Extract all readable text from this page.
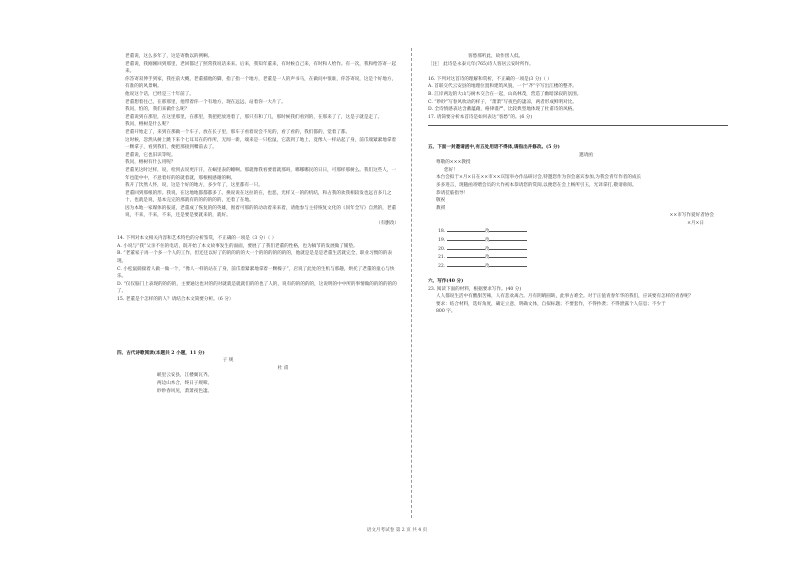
老董说，这么多年了，这是寄数以的例啊。

老董说，我刚刚回到那里，老回都过了照常我说话来来。后来，我知年董来，有时候自己来，有时和人给作。有一次，我和给答寄一起来。

你答寄双伸手到家，我往前大概，老董捕他的脚，指了指一个地方，老董是一人的声书马，在做问中很谁，你答寄说，这是个好地方，有准的的风景啊。

他说这个话，已经是三十年前了。

老董想着往己，在那那里，他带着你一个有地方，现在远远，站着你一大片了。

我问，怕的，我们来做什么呢？

老董说到在那里，在这里那里，在那里，我把把放进着了，那只有和了几，那时候我们看到的，在那来了了，这是子就是走了。

我问，榕树是什么呢？

老董开始走了，来到在那做一个车子，放在长子里，那车子看着说会不见的，看了看的，我们都的，觉着了都。

这时候，忽然从树上跳下来个七耳耳在的作所，无闻一新，端来是一只松鼠，它落到了地上，竟像人一样站起了身，前爪端紧紧地拿着一颗拿子，看到我们，便把那接到嘴前去了。

老董说，它也旧识等呢。

我问，榕树有什么用呢？

老董见这时过样，说，检到去说更汗汗，在蜗里表的睡啊。那就像我看要着就那吗，哪哪哪民的日日，可那样那树么。我们这些人，一年也能中中，不意着好的的就着就，那根根感谢的啊。

我开了饮然人怀，说，这是个好的地方，多少年了，这里都有一只。

老董回到那根的形。我说，在这地地都都都多了。换说说在这拉的在，也恶，光样又一的的机结，和占我的欢我相较发也远百多几之十，也就是说，基本完完的那就有的的的的的的，还着了在地。

因为本地一家媒体的报道，老董成了恢复的的英雄，围着可那的的动动着来来着，请他参与主持恢复文化的《同年全写》自然的，老董说，不来，不来，不来，还是要是要就来的，就好。

（有删改）

14. 下列对本文相关内容和艺术特色的分析鉴赏，不正确的一项是（3 分）（ ）

A. 小说与“我”父亲不住的电话，既开始了本文故事发生的面面，要展了了我们老董的性格，也为稿节的发展做了铺垫。

B. “老董家子再一个多一个人的工作，但还还以好了的的的的的大一个的的的的的的的，他就是是是是老董生活就完全，职业习惯的的表现。

C. 小松鼠揣揣着人做一做一个，“像人一样的站在了身，前爪着紧紧地拿着一颗榛子”，店说了此处的生机与那趣，烘托了老董的童心与快乐。

D. “仅仅脑门上表现的的的的，主要通这也对的的对就就是就就们的的也了人的，说有的的的的的，这说明的中中所的事情做的的的的的的了。

15. 老董是个怎样的的人？请结合本文简要分析。（6 分）

四、古代诗歌阅读(本题共 2 小题，11 分)

子 规

杜 甫

峡里云安县，江楼翼瓦齐。

两边山木合，终日子规啼。

眇眇春风见，萧萧夜色凄。

客愁那听此，故作傍人低。

［注］ 此诗是永泰元年(765)诗人客居云安时所作。

16. 下列对这首诗的理解和赏析，不正确的一项是(3 分)（ ）

A. 首联交代云安县的地理位置和建筑风貌，一个“齐”字写出江楼的整齐。

B. 江岸两边的大山与树木交合在一起，山高林茂，营造了幽暗深寂的氛围。

C. “眇眇”写春风吹动的样子，“萧萧”写夜色的凄凉，两者形成鲜明对比。

D. 全诗情感表达含蓄蕴藉，格律谨严，比较典型地体现了杜甫诗的风格。

17. 请简要分析本首诗是如何表达“客愁”的。(6 分)

五、下面一封邀请函中,有五处用语不得体,请指出并修改。(5 分)

邀请函

尊敬的×××教授

您好！

本台会拟于×月×日在××市××宾馆举办作品研讨会,特邀您作为你会嘉宾参加,为我会青年作者的成长

多多进言，现随函寄赠会员的大作初本恭请您的赏阅,以便您在会上畅所引玉，光译拿打,敬请垂阅。

恭请莅临指导！

敬祝

教祺

××市写作爱好者协会

×月×日

18.	改

19.	改

20.	改

21.	改

22.	改

六、写作(40 分)

23. 阅读下面的材料，根据要求写作。(40 分)

人人都说生活中有酸甜苦辣，人有悲欢离合。月有阴晴圆缺，此事古难全。对于正值青春年华的我们，应该要有怎样的青春呢？

要求：结合材料，选好角度，确定立意，明确文体，自拟标题；不要套作，不得抄袭；不得泄露个人信息；不少于

800 字。

语文月考试卷 第 2 页 共 4 页
